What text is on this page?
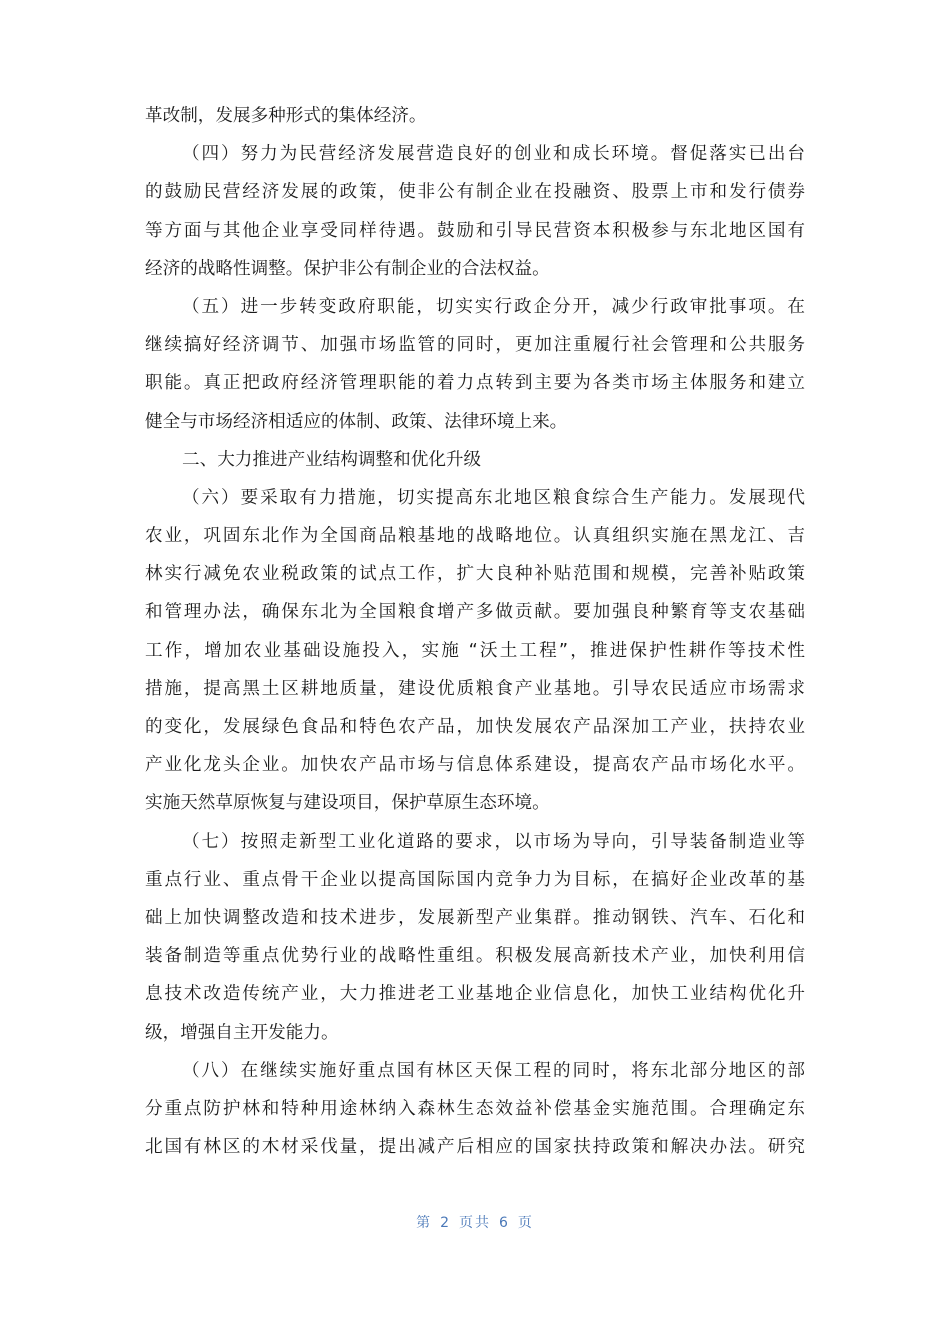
革改制，发展多种形式的集体经济。
（四）努力为民营经济发展营造良好的创业和成长环境。督促落实已出台
的鼓励民营经济发展的政策，使非公有制企业在投融资、股票上市和发行债券
等方面与其他企业享受同样待遇。鼓励和引导民营资本积极参与东北地区国有
经济的战略性调整。保护非公有制企业的合法权益。
（五）进一步转变政府职能，切实实行政企分开，减少行政审批事项。在
继续搞好经济调节、加强市场监管的同时，更加注重履行社会管理和公共服务
职能。真正把政府经济管理职能的着力点转到主要为各类市场主体服务和建立
健全与市场经济相适应的体制、政策、法律环境上来。
二、大力推进产业结构调整和优化升级
（六）要采取有力措施，切实提高东北地区粮食综合生产能力。发展现代
农业，巩固东北作为全国商品粮基地的战略地位。认真组织实施在黑龙江、吉
林实行减免农业税政策的试点工作，扩大良种补贴范围和规模，完善补贴政策
和管理办法，确保东北为全国粮食增产多做贡献。要加强良种繁育等支农基础
工作，增加农业基础设施投入，实施 “沃土工程”，推进保护性耕作等技术性
措施，提高黑土区耕地质量，建设优质粮食产业基地。引导农民适应市场需求
的变化，发展绿色食品和特色农产品，加快发展农产品深加工产业，扶持农业
产业化龙头企业。加快农产品市场与信息体系建设，提高农产品市场化水平。
实施天然草原恢复与建设项目，保护草原生态环境。
（七）按照走新型工业化道路的要求，以市场为导向，引导装备制造业等
重点行业、重点骨干企业以提高国际国内竞争力为目标，在搞好企业改革的基
础上加快调整改造和技术进步，发展新型产业集群。推动钢铁、汽车、石化和
装备制造等重点优势行业的战略性重组。积极发展高新技术产业，加快利用信
息技术改造传统产业，大力推进老工业基地企业信息化，加快工业结构优化升
级，增强自主开发能力。
（八）在继续实施好重点国有林区天保工程的同时，将东北部分地区的部
分重点防护林和特种用途林纳入森林生态效益补偿基金实施范围。合理确定东
北国有林区的木材采伐量，提出减产后相应的国家扶持政策和解决办法。研究
第 2 页共 6 页
